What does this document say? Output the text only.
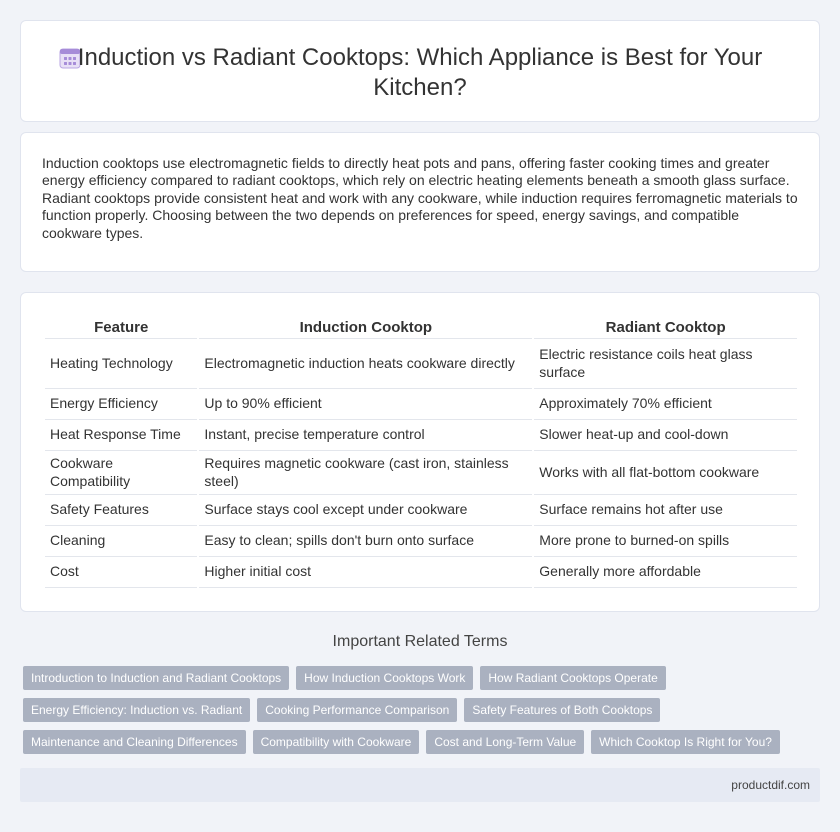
Induction vs Radiant Cooktops: Which Appliance is Best for Your Kitchen?

Induction cooktops use electromagnetic fields to directly heat pots and pans, offering faster cooking times and greater energy efficiency compared to radiant cooktops, which rely on electric heating elements beneath a smooth glass surface. Radiant cooktops provide consistent heat and work with any cookware, while induction requires ferromagnetic materials to function properly. Choosing between the two depends on preferences for speed, energy savings, and compatible cookware types.

Feature	Induction Cooktop	Radiant Cooktop
Heating Technology	Electromagnetic induction heats cookware directly	Electric resistance coils heat glass surface
Energy Efficiency	Up to 90% efficient	Approximately 70% efficient
Heat Response Time	Instant, precise temperature control	Slower heat-up and cool-down
Cookware Compatibility	Requires magnetic cookware (cast iron, stainless steel)	Works with all flat-bottom cookware
Safety Features	Surface stays cool except under cookware	Surface remains hot after use
Cleaning	Easy to clean; spills don't burn onto surface	More prone to burned-on spills
Cost	Higher initial cost	Generally more affordable
Important Related Terms
Introduction to Induction and Radiant Cooktops	How Induction Cooktops Work	How Radiant Cooktops Operate
Energy Efficiency: Induction vs. Radiant	Cooking Performance Comparison	Safety Features of Both Cooktops
Maintenance and Cleaning Differences	Compatibility with Cookware	Cost and Long-Term Value	Which Cooktop Is Right for You?
productdif.com
